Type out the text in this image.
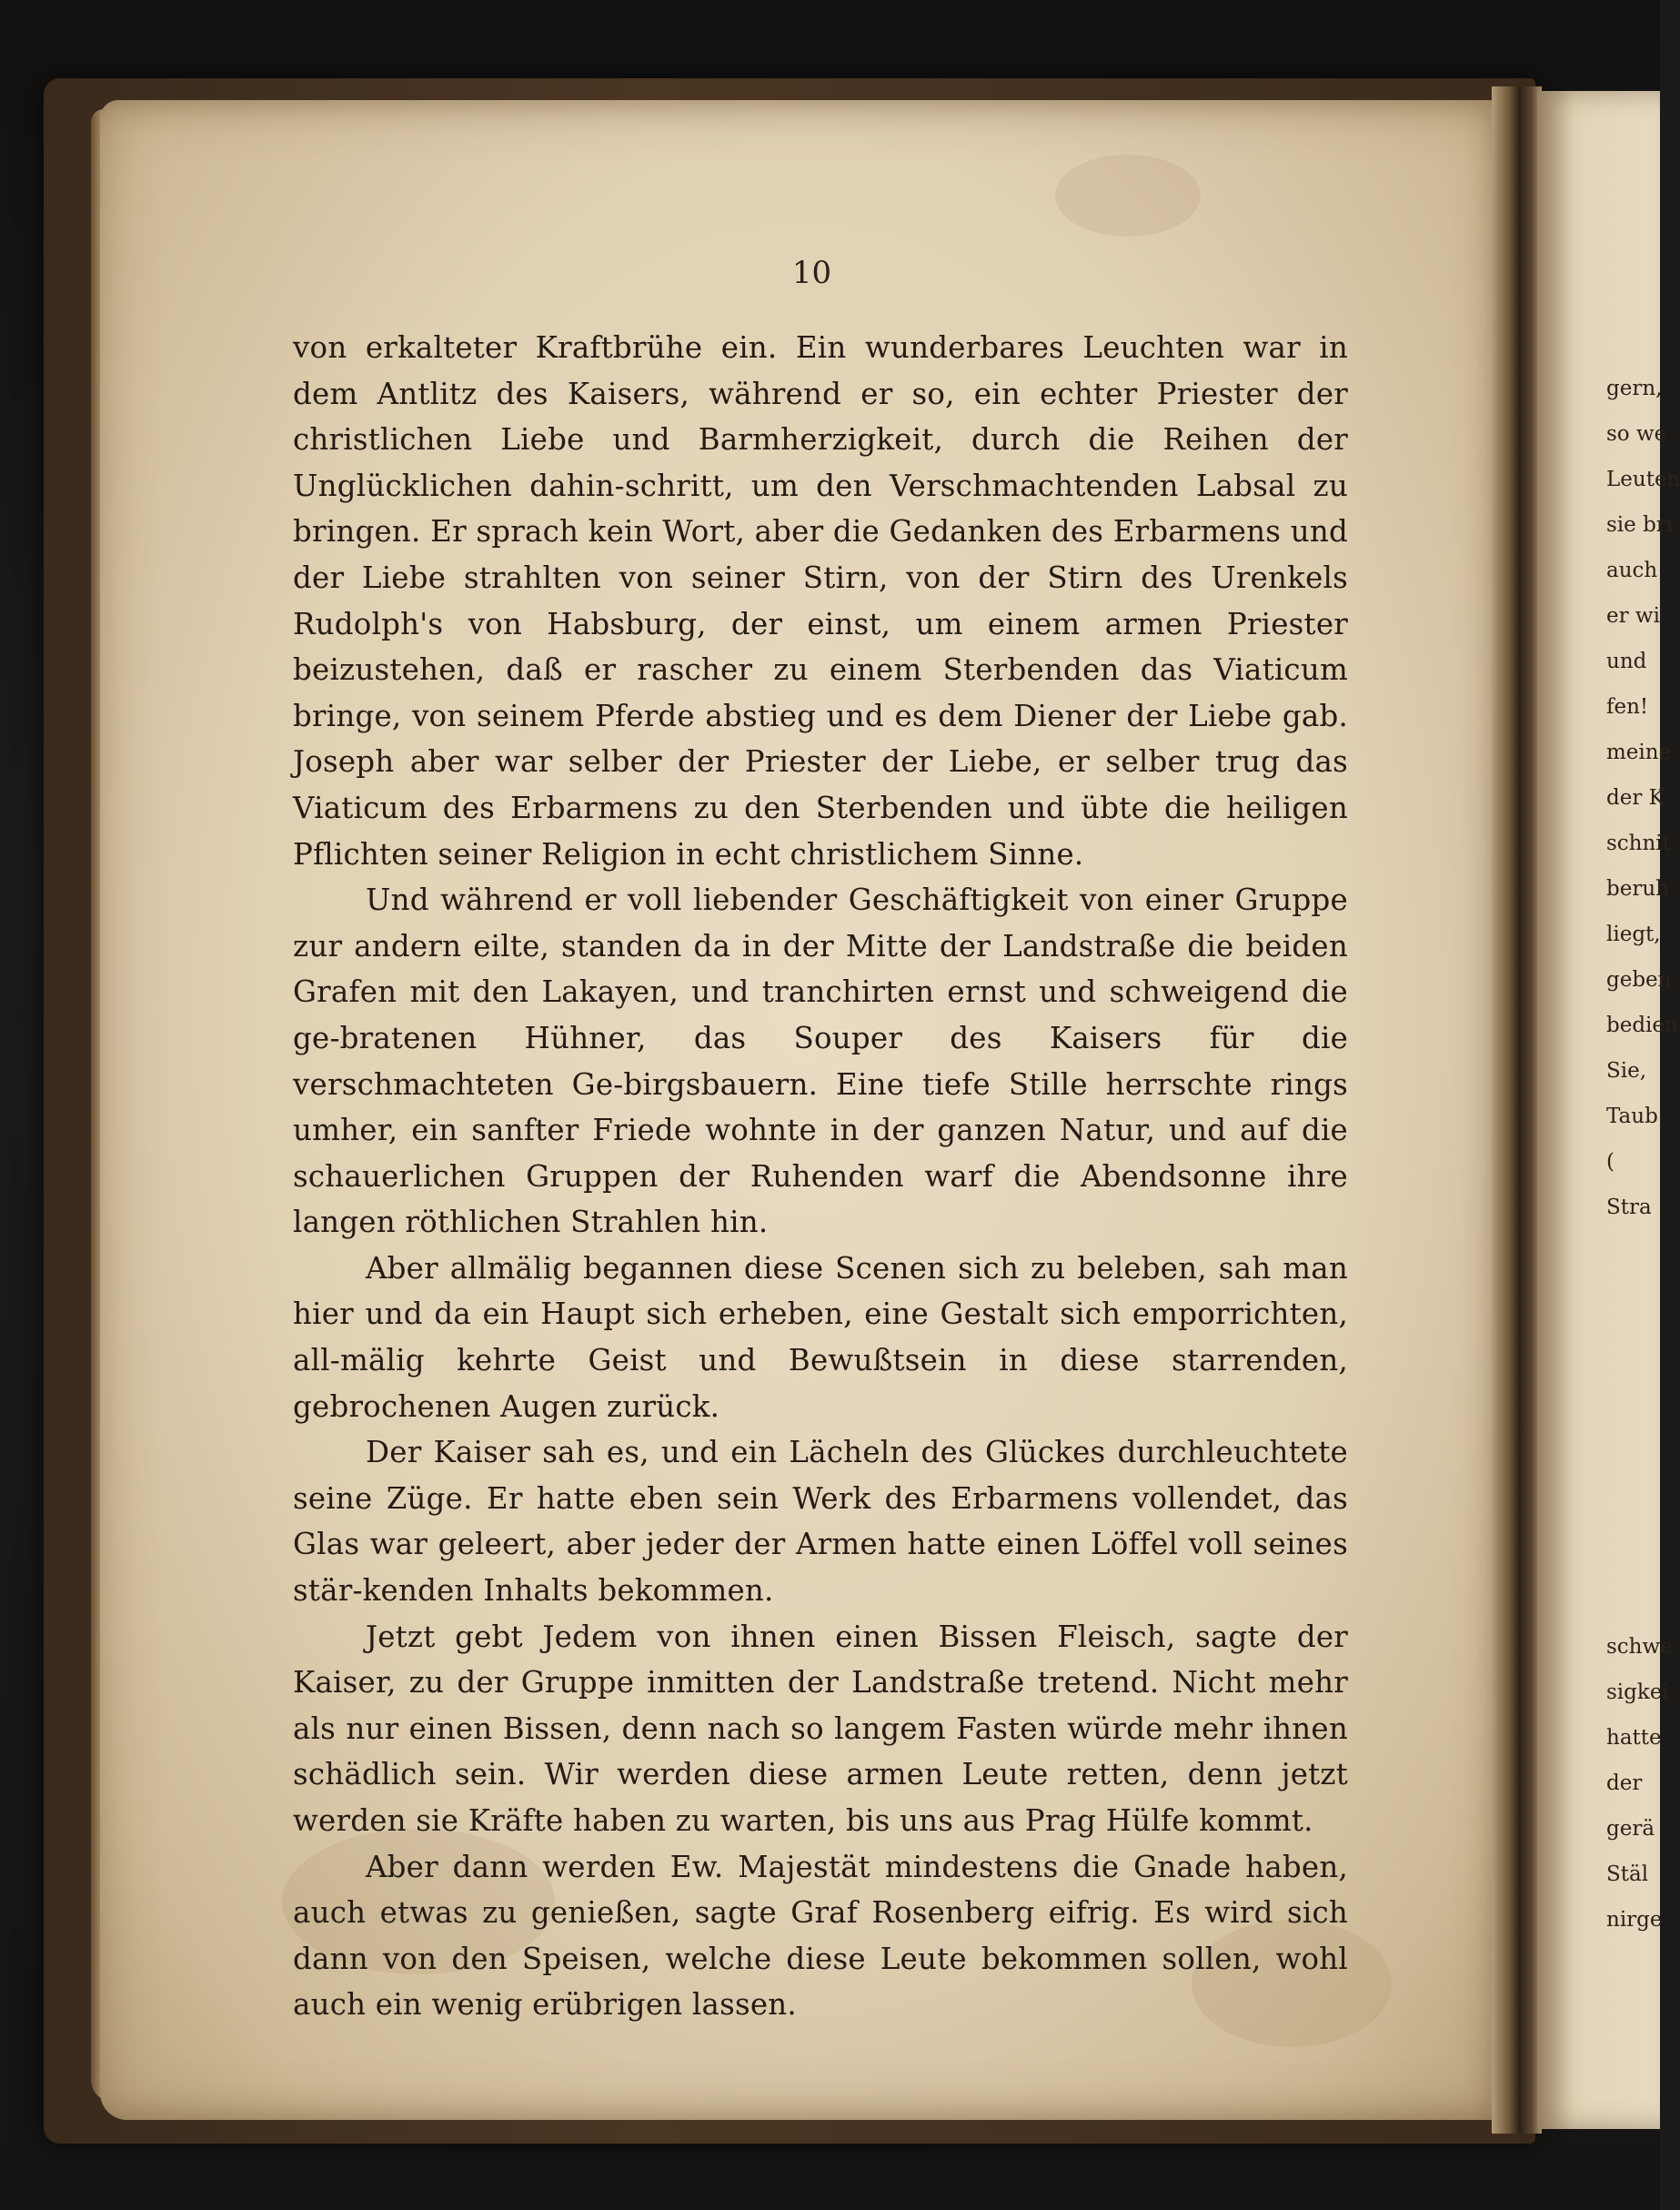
10

von erkalteter Kraftbrühe ein. Ein wunderbares Leuchten war in dem Antlitz des Kaisers, während er so, ein echter Priester der christlichen Liebe und Barmherzigkeit, durch die Reihen der Unglücklichen dahin-schritt, um den Verschmachtenden Labsal zu bringen. Er sprach kein Wort, aber die Gedanken des Erbarmens und der Liebe strahlten von seiner Stirn, von der Stirn des Urenkels Rudolph's von Habsburg, der einst, um einem armen Priester beizustehen, daß er rascher zu einem Sterbenden das Viaticum bringe, von seinem Pferde abstieg und es dem Diener der Liebe gab. Joseph aber war selber der Priester der Liebe, er selber trug das Viaticum des Erbarmens zu den Sterbenden und übte die heiligen Pflichten seiner Religion in echt christlichem Sinne.

Und während er voll liebender Geschäftigkeit von einer Gruppe zur andern eilte, standen da in der Mitte der Landstraße die beiden Grafen mit den Lakayen, und tranchirten ernst und schweigend die ge-bratenen Hühner, das Souper des Kaisers für die verschmachteten Ge-birgsbauern. Eine tiefe Stille herrschte rings umher, ein sanfter Friede wohnte in der ganzen Natur, und auf die schauerlichen Gruppen der Ruhenden warf die Abendsonne ihre langen röthlichen Strahlen hin.

Aber allmälig begannen diese Scenen sich zu beleben, sah man hier und da ein Haupt sich erheben, eine Gestalt sich emporrichten, all-mälig kehrte Geist und Bewußtsein in diese starrenden, gebrochenen Augen zurück.

Der Kaiser sah es, und ein Lächeln des Glückes durchleuchtete seine Züge. Er hatte eben sein Werk des Erbarmens vollendet, das Glas war geleert, aber jeder der Armen hatte einen Löffel voll seines stär-kenden Inhalts bekommen.

Jetzt gebt Jedem von ihnen einen Bissen Fleisch, sagte der Kaiser, zu der Gruppe inmitten der Landstraße tretend. Nicht mehr als nur einen Bissen, denn nach so langem Fasten würde mehr ihnen schädlich sein. Wir werden diese armen Leute retten, denn jetzt werden sie Kräfte haben zu warten, bis uns aus Prag Hülfe kommt.

Aber dann werden Ew. Majestät mindestens die Gnade haben, auch etwas zu genießen, sagte Graf Rosenberg eifrig. Es wird sich dann von den Speisen, welche diese Leute bekommen sollen, wohl auch ein wenig erübrigen lassen.

gern,
so we
Leuten
sie bri
auch
er wi
und
fen!
meine
der K
schnit
beruh
liegt,
geben
bedien
Sie,
Taub
(
Stra
schwe
sigkei
hatte
der
gerä
Stäl
nirge
